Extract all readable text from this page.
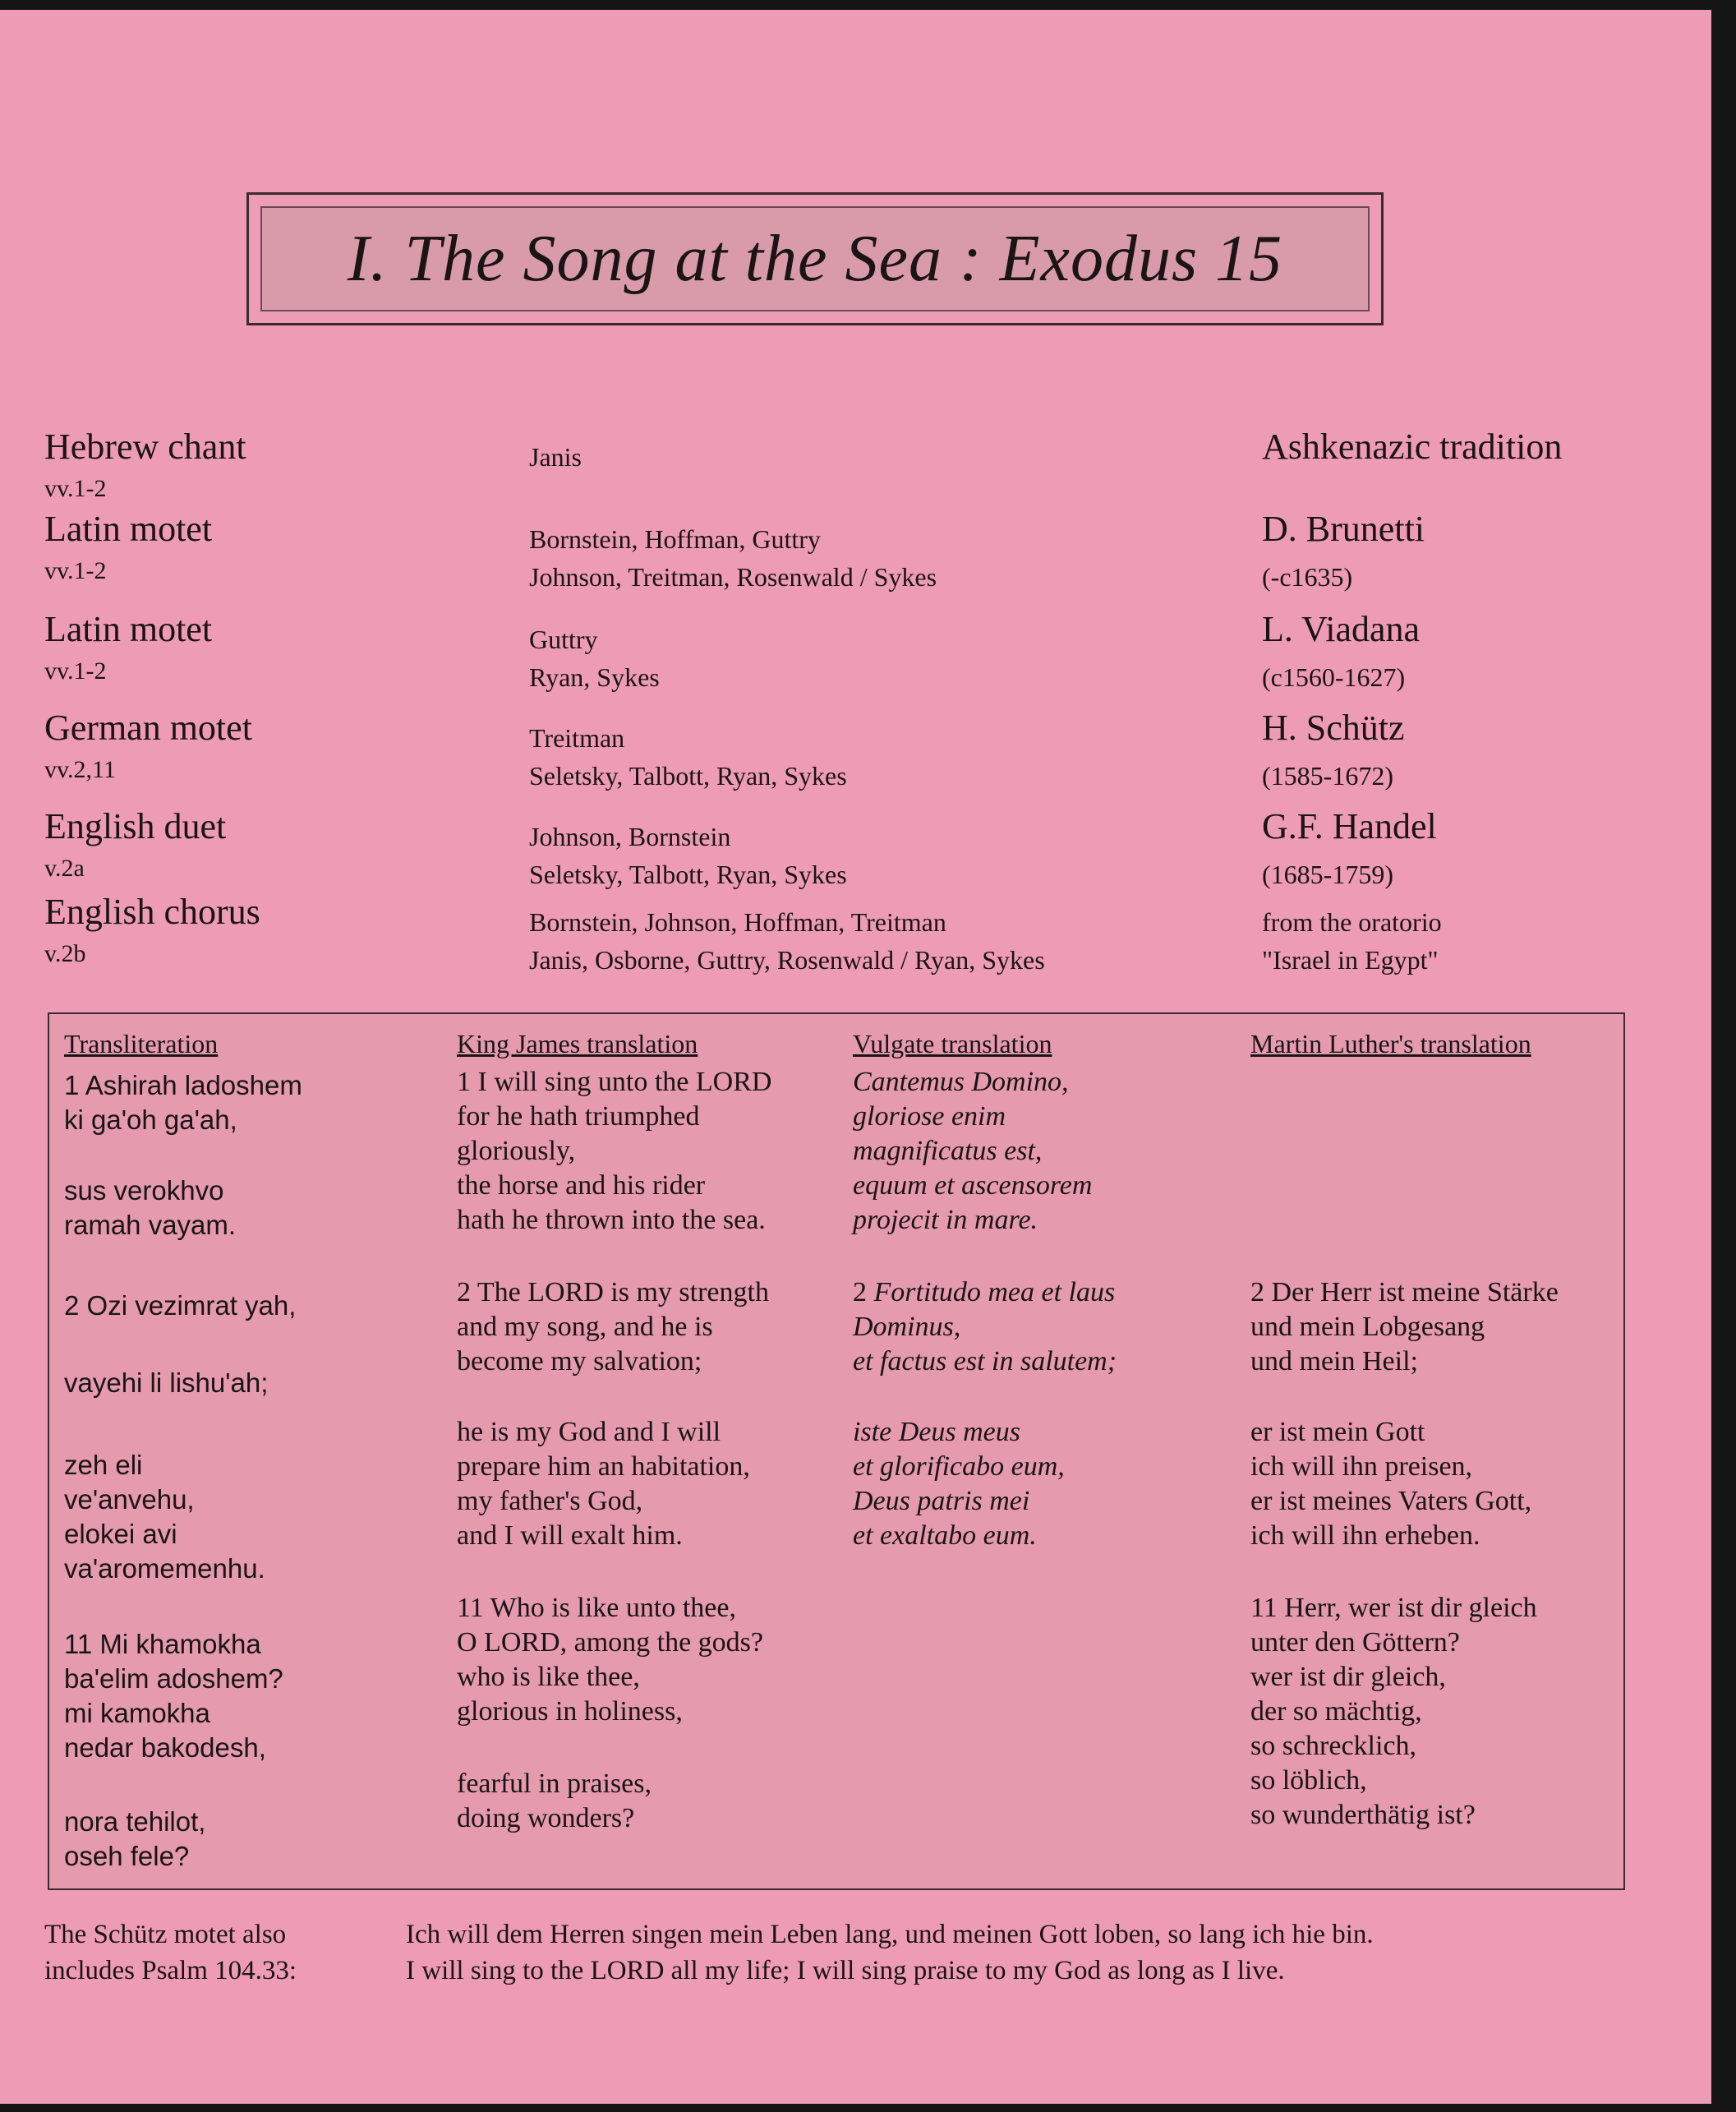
I. The Song at the Sea : Exodus 15
Hebrew chant
vv.1-2
Janis	Ashkenazic tradition
Latin motet
vv.1-2
Bornstein, Hoffman, Guttry
Johnson, Treitman, Rosenwald / Sykes
D. Brunetti
(-c1635)
Latin motet
vv.1-2
Guttry
Ryan, Sykes
L. Viadana
(c1560-1627)
German motet
vv.2,11
Treitman
Seletsky, Talbott, Ryan, Sykes
H. Schütz
(1585-1672)
English duet
v.2a
Johnson, Bornstein
Seletsky, Talbott, Ryan, Sykes
G.F. Handel
(1685-1759)
English chorus
v.2b
Bornstein, Johnson, Hoffman, Treitman
Janis, Osborne, Guttry, Rosenwald / Ryan, Sykes
from the oratorio
"Israel in Egypt"
Transliteration
1 Ashirah ladoshem
ki ga'oh ga'ah,
sus verokhvo
ramah vayam.
2 Ozi vezimrat yah,
vayehi li lishu'ah;
zeh eli
ve'anvehu,
elokei avi
va'aromemenhu.
11 Mi khamokha
ba'elim adoshem?
mi kamokha
nedar bakodesh,
nora tehilot,
oseh fele?
King James translation
1 I will sing unto the LORD
for he hath triumphed
gloriously,
the horse and his rider
hath he thrown into the sea.
2 The LORD is my strength
and my song, and he is
become my salvation;
he is my God and I will
prepare him an habitation,
my father's God,
and I will exalt him.
11 Who is like unto thee,
O LORD, among the gods?
who is like thee,
glorious in holiness,
fearful in praises,
doing wonders?
Vulgate translation
Cantemus Domino,
gloriose enim
magnificatus est,
equum et ascensorem
projecit in mare.
2 Fortitudo mea et laus
Dominus,
et factus est in salutem;
iste Deus meus
et glorificabo eum,
Deus patris mei
et exaltabo eum.
Martin Luther's translation
2 Der Herr ist meine Stärke
und mein Lobgesang
und mein Heil;
er ist mein Gott
ich will ihn preisen,
er ist meines Vaters Gott,
ich will ihn erheben.
11 Herr, wer ist dir gleich
unter den Göttern?
wer ist dir gleich,
der so mächtig,
so schrecklich,
so löblich,
so wunderthätig ist?
The Schütz motet also
includes Psalm 104.33:
Ich will dem Herren singen mein Leben lang, und meinen Gott loben, so lang ich hie bin.
I will sing to the LORD all my life; I will sing praise to my God as long as I live.
